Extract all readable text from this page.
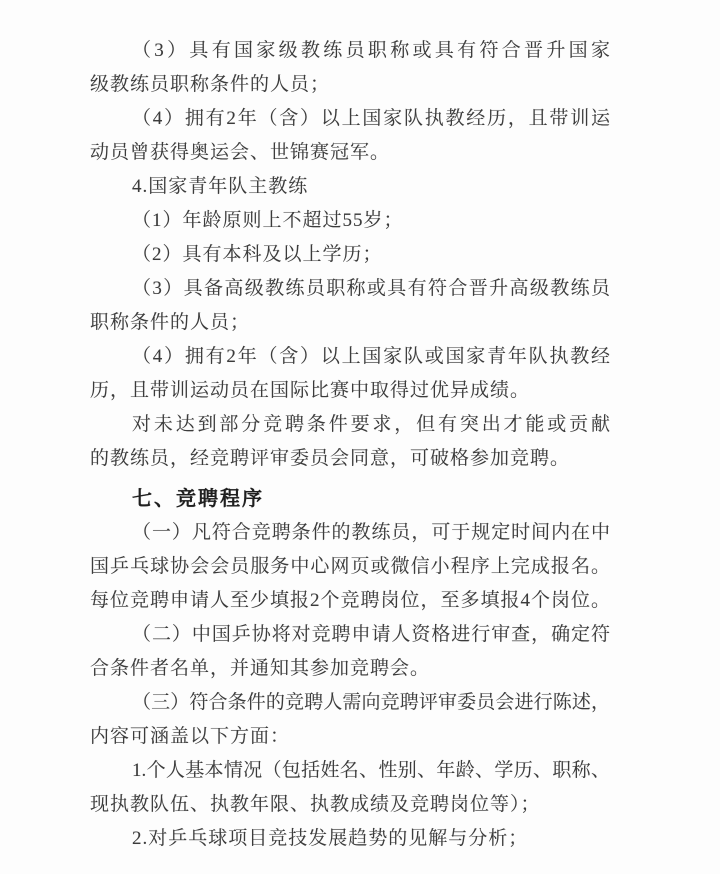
（3）具有国家级教练员职称或具有符合晋升国家
级教练员职称条件的人员；
（4）拥有2年（含）以上国家队执教经历，且带训运
动员曾获得奥运会、世锦赛冠军。
4.国家青年队主教练
（1）年龄原则上不超过55岁；
（2）具有本科及以上学历；
（3）具备高级教练员职称或具有符合晋升高级教练员
职称条件的人员；
（4）拥有2年（含）以上国家队或国家青年队执教经
历，且带训运动员在国际比赛中取得过优异成绩。
对未达到部分竞聘条件要求，但有突出才能或贡献
的教练员，经竞聘评审委员会同意，可破格参加竞聘。
七、竞聘程序
（一）凡符合竞聘条件的教练员，可于规定时间内在中
国乒乓球协会会员服务中心网页或微信小程序上完成报名。
每位竞聘申请人至少填报2个竞聘岗位，至多填报4个岗位。
（二）中国乒协将对竞聘申请人资格进行审查，确定符
合条件者名单，并通知其参加竞聘会。
（三）符合条件的竞聘人需向竞聘评审委员会进行陈述，
内容可涵盖以下方面：
1.个人基本情况（包括姓名、性别、年龄、学历、职称、
现执教队伍、执教年限、执教成绩及竞聘岗位等）；
2.对乒乓球项目竞技发展趋势的见解与分析；
